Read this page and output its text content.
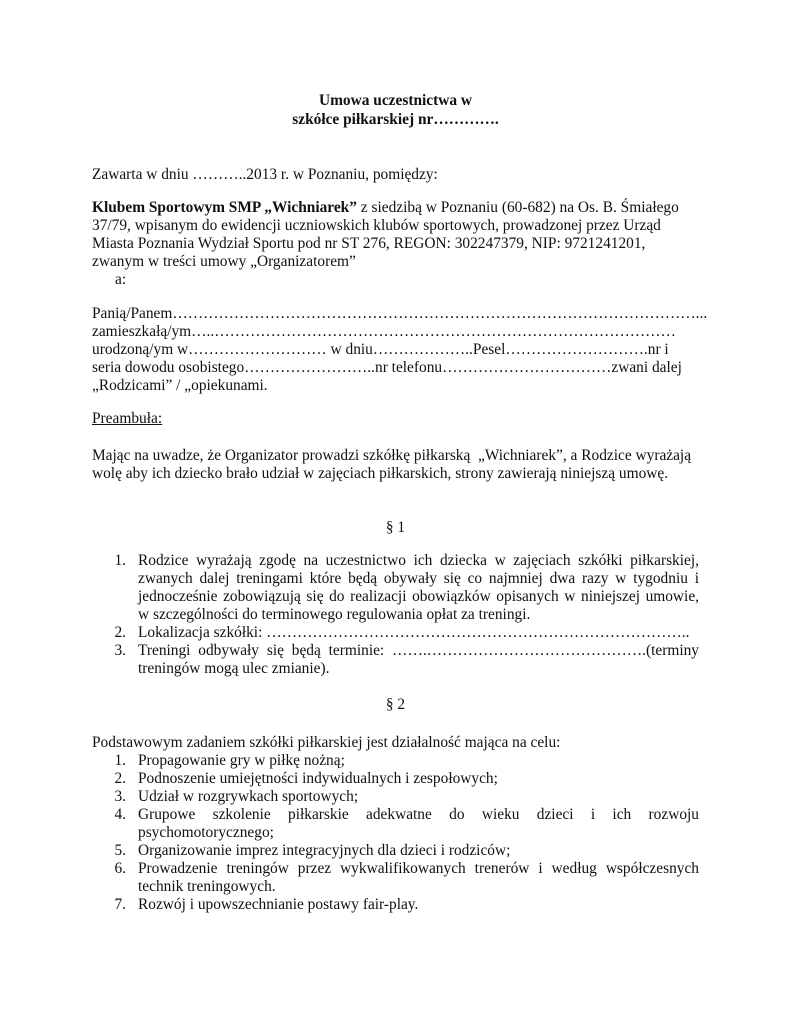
Umowa uczestnictwa w
szkółce piłkarskiej nr………….
Zawarta w dniu ………..2013 r. w Poznaniu, pomiędzy:
Klubem Sportowym SMP „Wichniarek” z siedzibą w Poznaniu (60-682) na Os. B. Śmiałego
37/79, wpisanym do ewidencji uczniowskich klubów sportowych, prowadzonej przez Urząd
Miasta Poznania Wydział Sportu pod nr ST 276, REGON: 302247379, NIP: 9721241201,
zwanym w treści umowy „Organizatorem”
a:
Panią/Panem…………………………………………………………………………………………...
zamieszkałą/ym…..………………………………………………………………………………
urodzoną/ym w……………………… w dniu………………..Pesel……………………….nr i
seria dowodu osobistego……………………..nr telefonu……………………………zwani dalej
„Rodzicami” / „opiekunami.
Preambuła:
Mając na uwadze, że Organizator prowadzi szkółkę piłkarską  „Wichniarek”, a Rodzice wyrażają
wolę aby ich dziecko brało udział w zajęciach piłkarskich, strony zawierają niniejszą umowę.
§ 1
1. Rodzice wyrażają zgodę na uczestnictwo ich dziecka w zajęciach szkółki piłkarskiej,
zwanych dalej treningami które będą obywały się co najmniej dwa razy w tygodniu i
jednocześnie zobowiązują się do realizacji obowiązków opisanych w niniejszej umowie,
w szczególności do terminowego regulowania opłat za treningi.
2. Lokalizacja szkółki: ………………………………………………………………………..
3. Treningi odbywały się będą terminie: …….…………………………………….(terminy
treningów mogą ulec zmianie).
§ 2
Podstawowym zadaniem szkółki piłkarskiej jest działalność mająca na celu:
1. Propagowanie gry w piłkę nożną;
2. Podnoszenie umiejętności indywidualnych i zespołowych;
3. Udział w rozgrywkach sportowych;
4. Grupowe szkolenie piłkarskie adekwatne do wieku dzieci i ich rozwoju
psychomotorycznego;
5. Organizowanie imprez integracyjnych dla dzieci i rodziców;
6. Prowadzenie treningów przez wykwalifikowanych trenerów i według współczesnych
technik treningowych.
7. Rozwój i upowszechnianie postawy fair-play.
